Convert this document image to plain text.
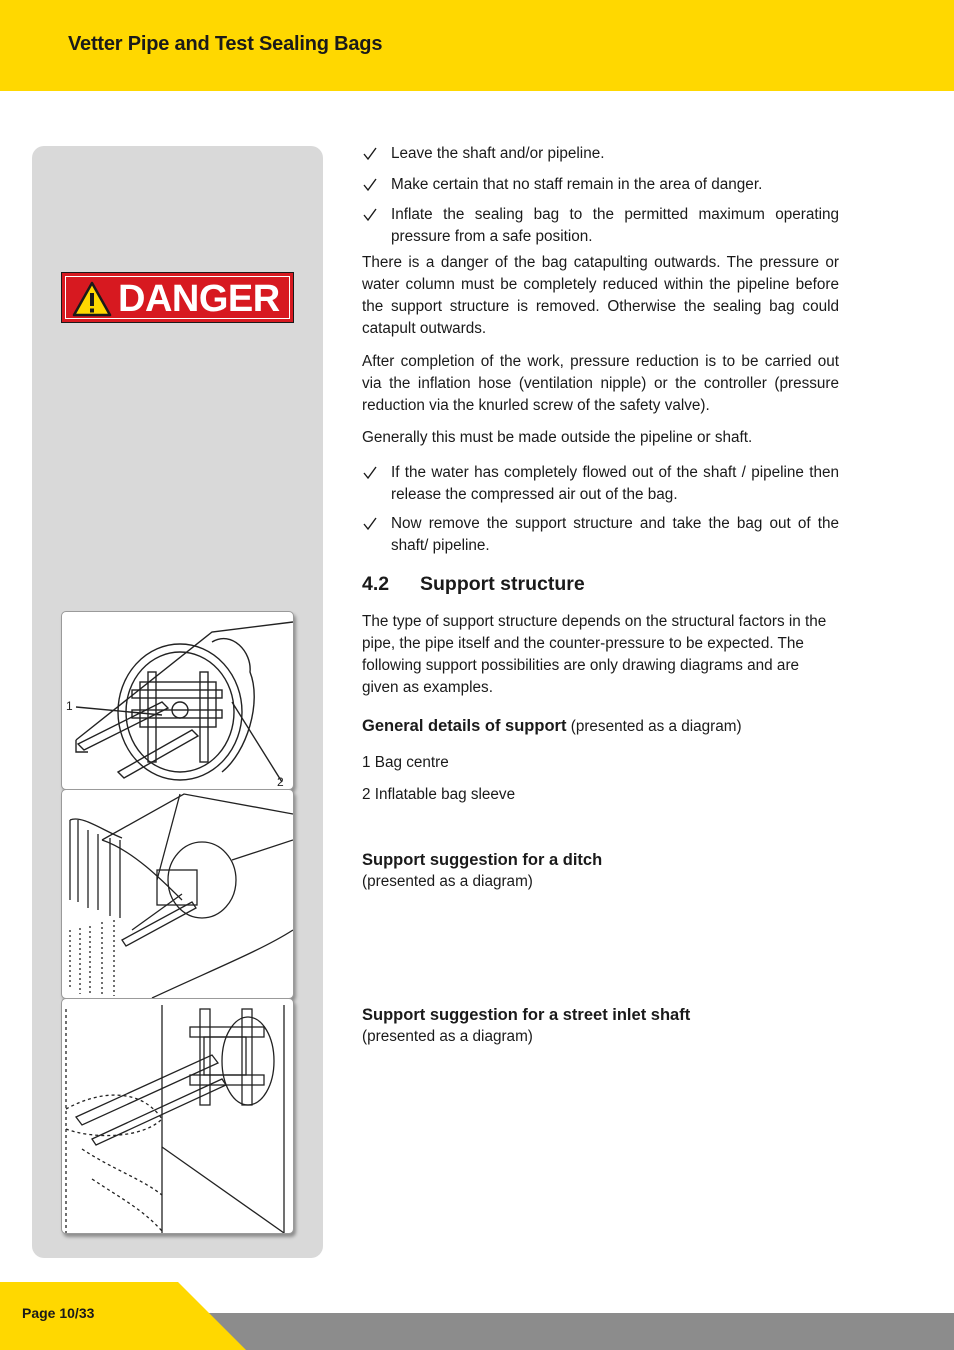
Vetter Pipe and Test Sealing Bags
DANGER
1
2
Leave the shaft and/or pipeline.
Make certain that no staff remain in the area of danger.
Inflate the sealing bag to the permitted maximum operating pressure from a safe position.

There is a danger of the bag catapulting outwards. The pressure or water column must be completely reduced within the pipeline before the support structure is removed. Otherwise the sealing bag could catapult outwards.

After completion of the work, pressure reduction is to be carried out via the inflation hose (ventilation nipple) or the controller (pressure reduction via the knurled screw of the safety valve).

Generally this must be made outside the pipeline or shaft.

If the water has completely flowed out of the shaft / pipeline then release the compressed air out of the bag.
Now remove the support structure and take the bag out of the shaft/ pipeline.
4.2 Support structure

The type of support structure depends on the structural factors in the pipe, the pipe itself and the counter-pressure to be expected. The following support possibilities are only drawing diagrams and are given as examples.

General details of support (presented as a diagram)
1 Bag centre
2 Inflatable bag sleeve
Support suggestion for a ditch
(presented as a diagram)
Support suggestion for a street inlet shaft
(presented as a diagram)
Page 10/33
